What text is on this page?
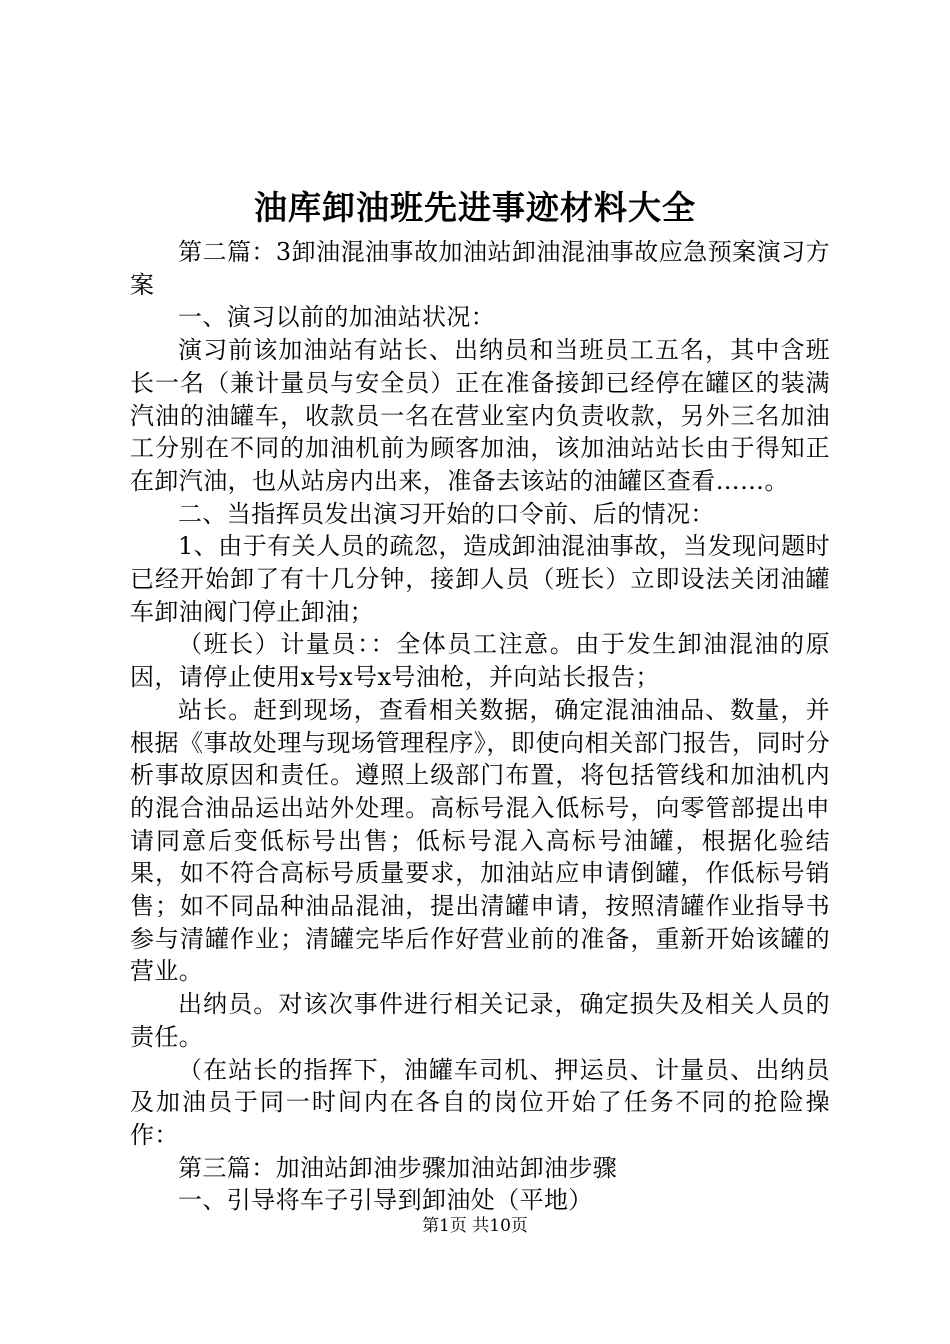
油库卸油班先进事迹材料大全

第二篇：3卸油混油事故加油站卸油混油事故应急预案演习方案

一、演习以前的加油站状况：

演习前该加油站有站长、出纳员和当班员工五名，其中含班长一名（兼计量员与安全员）正在准备接卸已经停在罐区的装满汽油的油罐车，收款员一名在营业室内负责收款，另外三名加油工分别在不同的加油机前为顾客加油，该加油站站长由于得知正在卸汽油，也从站房内出来，准备去该站的油罐区查看……。

二、当指挥员发出演习开始的口令前、后的情况：

1、由于有关人员的疏忽，造成卸油混油事故，当发现问题时已经开始卸了有十几分钟，接卸人员（班长）立即设法关闭油罐车卸油阀门停止卸油；

（班长）计量员：：全体员工注意。由于发生卸油混油的原因，请停止使用x号x号x号油枪，并向站长报告；

站长。赶到现场，查看相关数据，确定混油油品、数量，并根据《事故处理与现场管理程序》，即使向相关部门报告，同时分析事故原因和责任。遵照上级部门布置，将包括管线和加油机内的混合油品运出站外处理。高标号混入低标号，向零管部提出申请同意后变低标号出售；低标号混入高标号油罐，根据化验结果，如不符合高标号质量要求，加油站应申请倒罐，作低标号销售；如不同品种油品混油，提出清罐申请，按照清罐作业指导书参与清罐作业；清罐完毕后作好营业前的准备，重新开始该罐的营业。

出纳员。对该次事件进行相关记录，确定损失及相关人员的责任。

（在站长的指挥下，油罐车司机、押运员、计量员、出纳员及加油员于同一时间内在各自的岗位开始了任务不同的抢险操作：

第三篇：加油站卸油步骤加油站卸油步骤

一、引导将车子引导到卸油处（平地）

第1页 共10页
